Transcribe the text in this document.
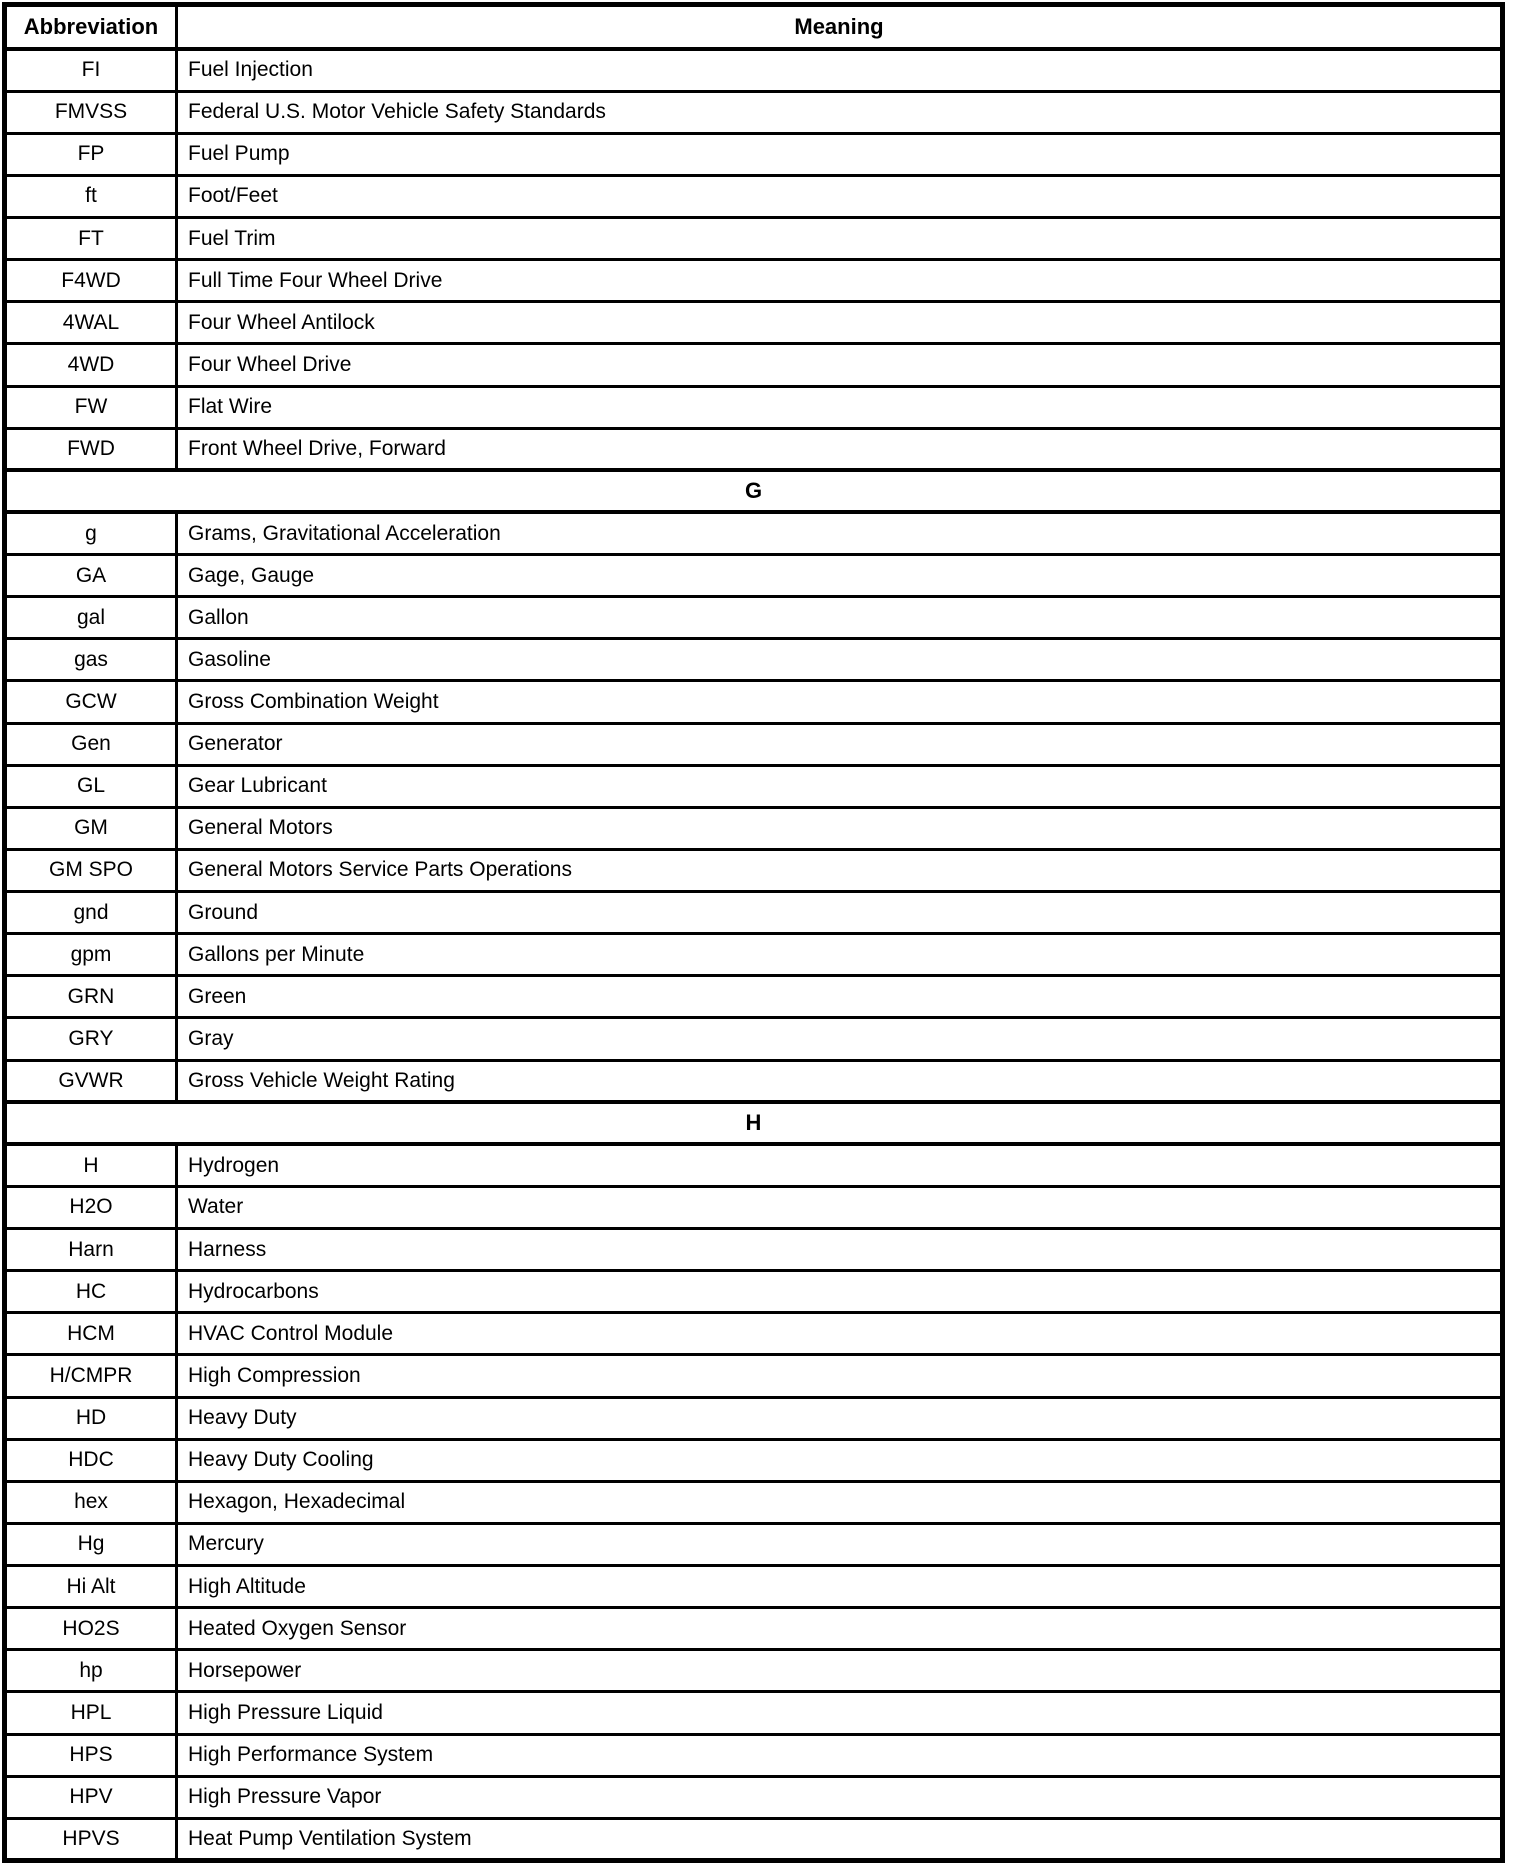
Abbreviation	Meaning
FI	Fuel Injection
FMVSS	Federal U.S. Motor Vehicle Safety Standards
FP	Fuel Pump
ft	Foot/Feet
FT	Fuel Trim
F4WD	Full Time Four Wheel Drive
4WAL	Four Wheel Antilock
4WD	Four Wheel Drive
FW	Flat Wire
FWD	Front Wheel Drive, Forward
G	
g	Grams, Gravitational Acceleration
GA	Gage, Gauge
gal	Gallon
gas	Gasoline
GCW	Gross Combination Weight
Gen	Generator
GL	Gear Lubricant
GM	General Motors
GM SPO	General Motors Service Parts Operations
gnd	Ground
gpm	Gallons per Minute
GRN	Green
GRY	Gray
GVWR	Gross Vehicle Weight Rating
H	
H	Hydrogen
H2O	Water
Harn	Harness
HC	Hydrocarbons
HCM	HVAC Control Module
H/CMPR	High Compression
HD	Heavy Duty
HDC	Heavy Duty Cooling
hex	Hexagon, Hexadecimal
Hg	Mercury
Hi Alt	High Altitude
HO2S	Heated Oxygen Sensor
hp	Horsepower
HPL	High Pressure Liquid
HPS	High Performance System
HPV	High Pressure Vapor
HPVS	Heat Pump Ventilation System
